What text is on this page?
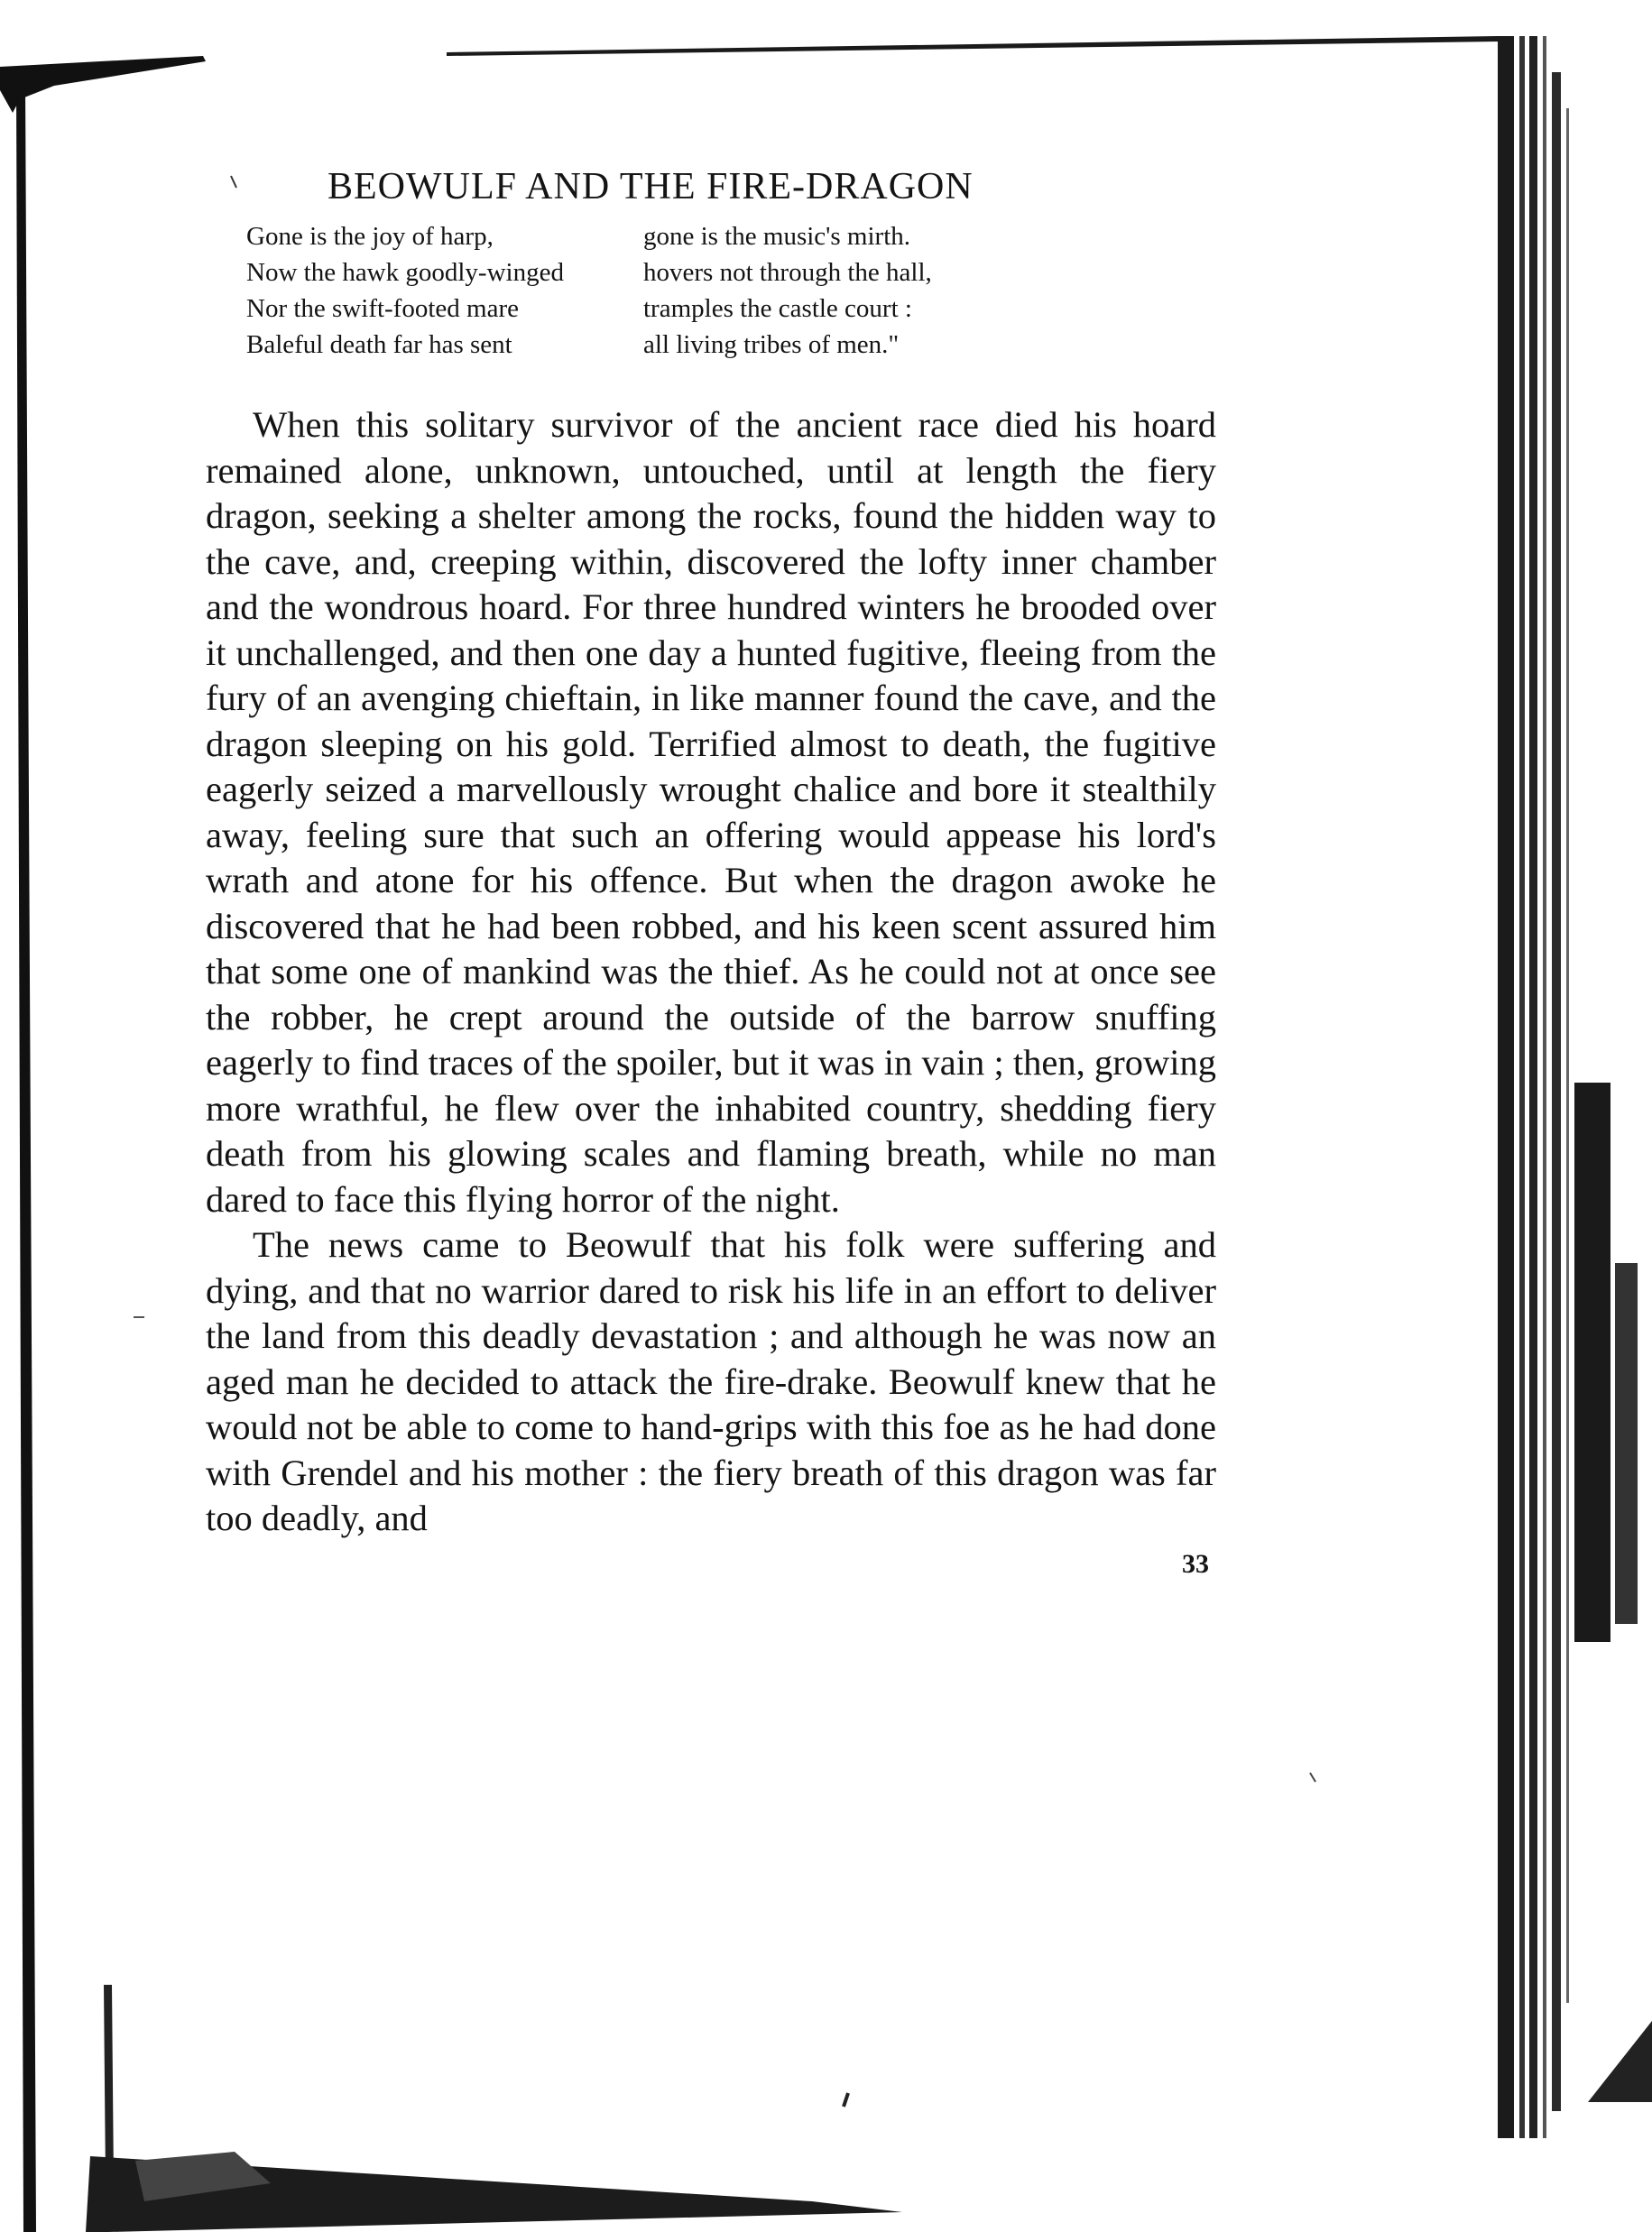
BEOWULF AND THE FIRE-DRAGON
Gone is the joy of harp,	gone is the music's mirth.
Now the hawk goodly-winged	hovers not through the hall,
Nor the swift-footed mare	tramples the castle court :
Baleful death far has sent	all living tribes of men."

When this solitary survivor of the ancient race died his hoard remained alone, unknown, untouched, until at length the fiery dragon, seeking a shelter among the rocks, found the hidden way to the cave, and, creeping within, discovered the lofty inner chamber and the wondrous hoard. For three hundred winters he brooded over it unchallenged, and then one day a hunted fugitive, fleeing from the fury of an avenging chieftain, in like manner found the cave, and the dragon sleeping on his gold. Terrified almost to death, the fugitive eagerly seized a marvellously wrought chalice and bore it stealthily away, feeling sure that such an offering would appease his lord's wrath and atone for his offence. But when the dragon awoke he discovered that he had been robbed, and his keen scent assured him that some one of mankind was the thief. As he could not at once see the robber, he crept around the outside of the barrow snuffing eagerly to find traces of the spoiler, but it was in vain ; then, growing more wrathful, he flew over the inhabited country, shedding fiery death from his glowing scales and flaming breath, while no man dared to face this flying horror of the night.

The news came to Beowulf that his folk were suffering and dying, and that no warrior dared to risk his life in an effort to deliver the land from this deadly devastation ; and although he was now an aged man he decided to attack the fire-drake. Beowulf knew that he would not be able to come to hand-grips with this foe as he had done with Grendel and his mother : the fiery breath of this dragon was far too deadly, and

33
